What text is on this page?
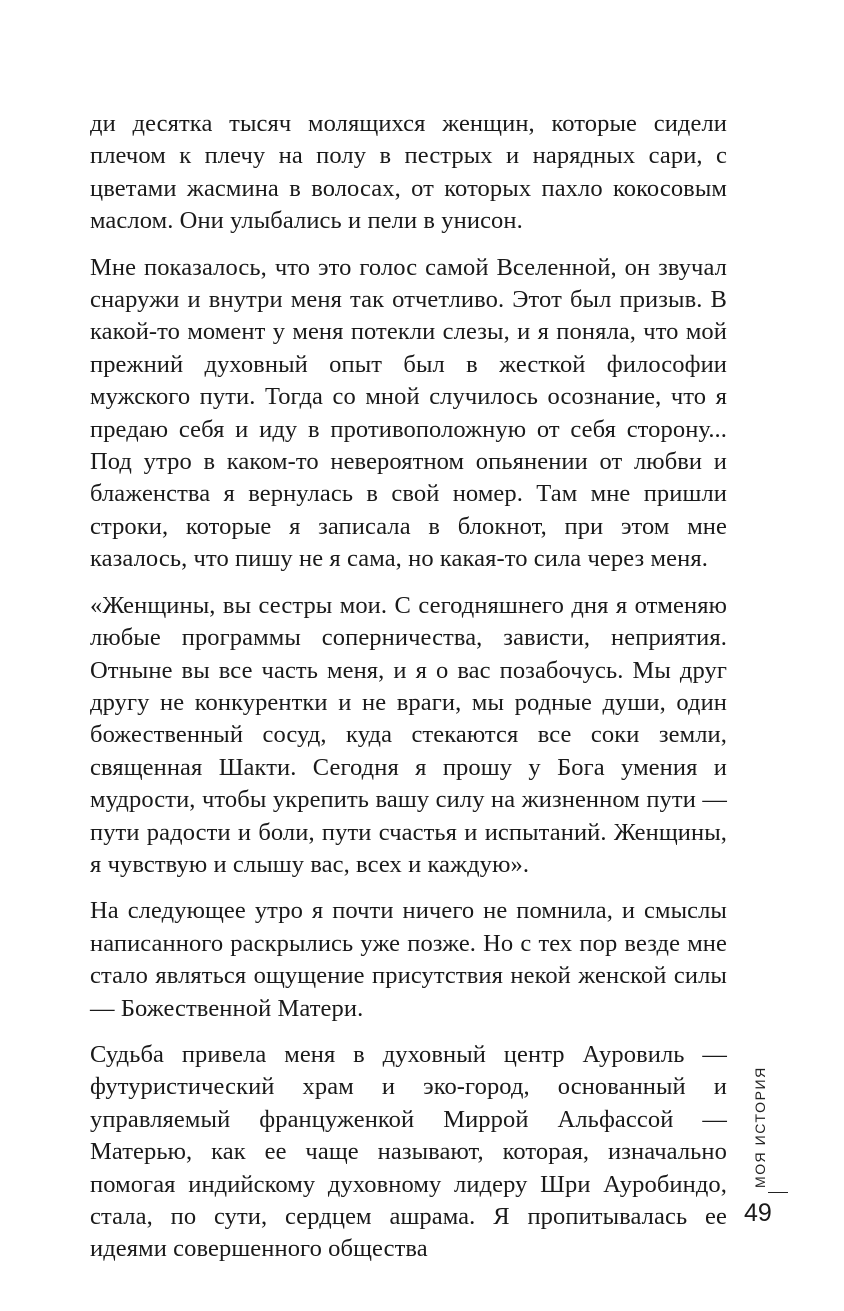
ди десятка тысяч молящихся женщин, которые сидели плечом к плечу на полу в пестрых и нарядных сари, с цветами жасмина в волосах, от которых пахло кокосовым маслом. Они улыбались и пели в унисон.

Мне показалось, что это голос самой Вселенной, он звучал снаружи и внутри меня так отчетливо. Этот был призыв. В какой-то момент у меня потекли слезы, и я поняла, что мой прежний духовный опыт был в жесткой философии мужского пути. Тогда со мной случилось осознание, что я предаю себя и иду в противоположную от себя сторону... Под утро в каком-то невероятном опьянении от любви и блаженства я вернулась в свой номер. Там мне пришли строки, которые я записала в блокнот, при этом мне казалось, что пишу не я сама, но какая-то сила через меня.

«Женщины, вы сестры мои. С сегодняшнего дня я отменяю любые программы соперничества, зависти, неприятия. Отныне вы все часть меня, и я о вас позабочусь. Мы друг другу не конкурентки и не враги, мы родные души, один божественный сосуд, куда стекаются все соки земли, священная Шакти. Сегодня я прошу у Бога умения и мудрости, чтобы укрепить вашу силу на жизненном пути — пути радости и боли, пути счастья и испытаний. Женщины, я чувствую и слышу вас, всех и каждую».

На следующее утро я почти ничего не помнила, и смыслы написанного раскрылись уже позже. Но с тех пор везде мне стало являться ощущение присутствия некой женской силы — Божественной Матери.

Судьба привела меня в духовный центр Ауровиль — футуристический храм и эко-город, основанный и управляемый француженкой Миррой Альфассой — Матерью, как ее чаще называют, которая, изначально помогая индийскому духовному лидеру Шри Ауробиндо, стала, по сути, сердцем ашрама. Я пропитывалась ее идеями совершенного общества

МОЯ ИСТОРИЯ
49
